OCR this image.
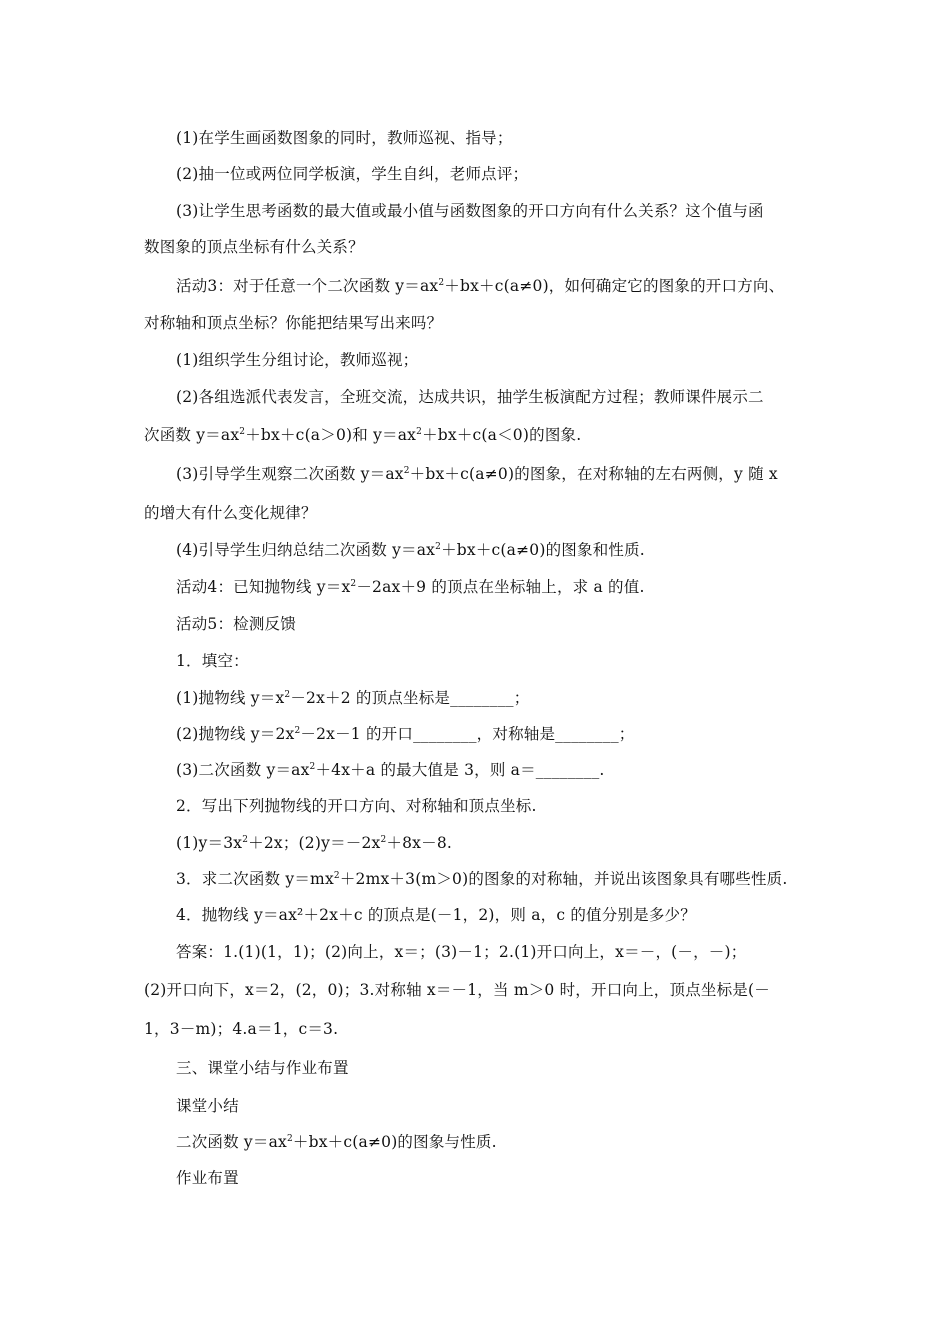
(1)在学生画函数图象的同时，教师巡视、指导；
(2)抽一位或两位同学板演，学生自纠，老师点评；
(3)让学生思考函数的最大值或最小值与函数图象的开口方向有什么关系？这个值与函
数图象的顶点坐标有什么关系？
活动3：对于任意一个二次函数 $y=ax^2+bx+c(a\ne 0)$，如何确定它的图象的开口方向、
对称轴和顶点坐标？你能把结果写出来吗？
(1)组织学生分组讨论，教师巡视；
(2)各组选派代表发言，全班交流，达成共识，抽学生板演配方过程；教师课件展示二
次函数 $y=ax^2+bx+c(a>0)$和 $y=ax^2+bx+c(a<0)$的图象.
(3)引导学生观察二次函数 $y=ax^2+bx+c(a\ne 0)$的图象，在对称轴的左右两侧，y 随 x
的增大有什么变化规律？
(4)引导学生归纳总结二次函数 $y=ax^2+bx+c(a\ne 0)$的图象和性质.
活动4：已知抛物线 $y=x^2-2ax+9$ 的顶点在坐标轴上，求 a 的值.
活动5：检测反馈
1．填空：
(1)抛物线 $y=x^2-2x+2$ 的顶点坐标是________；
(2)抛物线 $y=2x^2-2x-1$ 的开口________，对称轴是________；
(3)二次函数 $y=ax^2+4x+a$ 的最大值是 3，则 a＝________.
2．写出下列抛物线的开口方向、对称轴和顶点坐标.
$(1)y=3x^2+2x$；$(2)y=-2x^2+8x-8$.
3．求二次函数 $y=mx^2+2mx+3(m>0)$的图象的对称轴，并说出该图象具有哪些性质.
4．抛物线 y＝ax²＋2x＋c 的顶点是(－1，2)，则 a，c 的值分别是多少？
答案：1.(1)(1，1)；(2)向上，x＝；(3)－1；2.(1)开口向上，x＝－，(－，－)；
(2)开口向下，x＝2，(2，0)；3.对称轴 x＝－1，当 m＞0 时，开口向上，顶点坐标是(－
1，3－m)；4.a＝1，c＝3.
三、课堂小结与作业布置
课堂小结
二次函数 $y=ax^2+bx+c(a\ne 0)$的图象与性质.
作业布置
